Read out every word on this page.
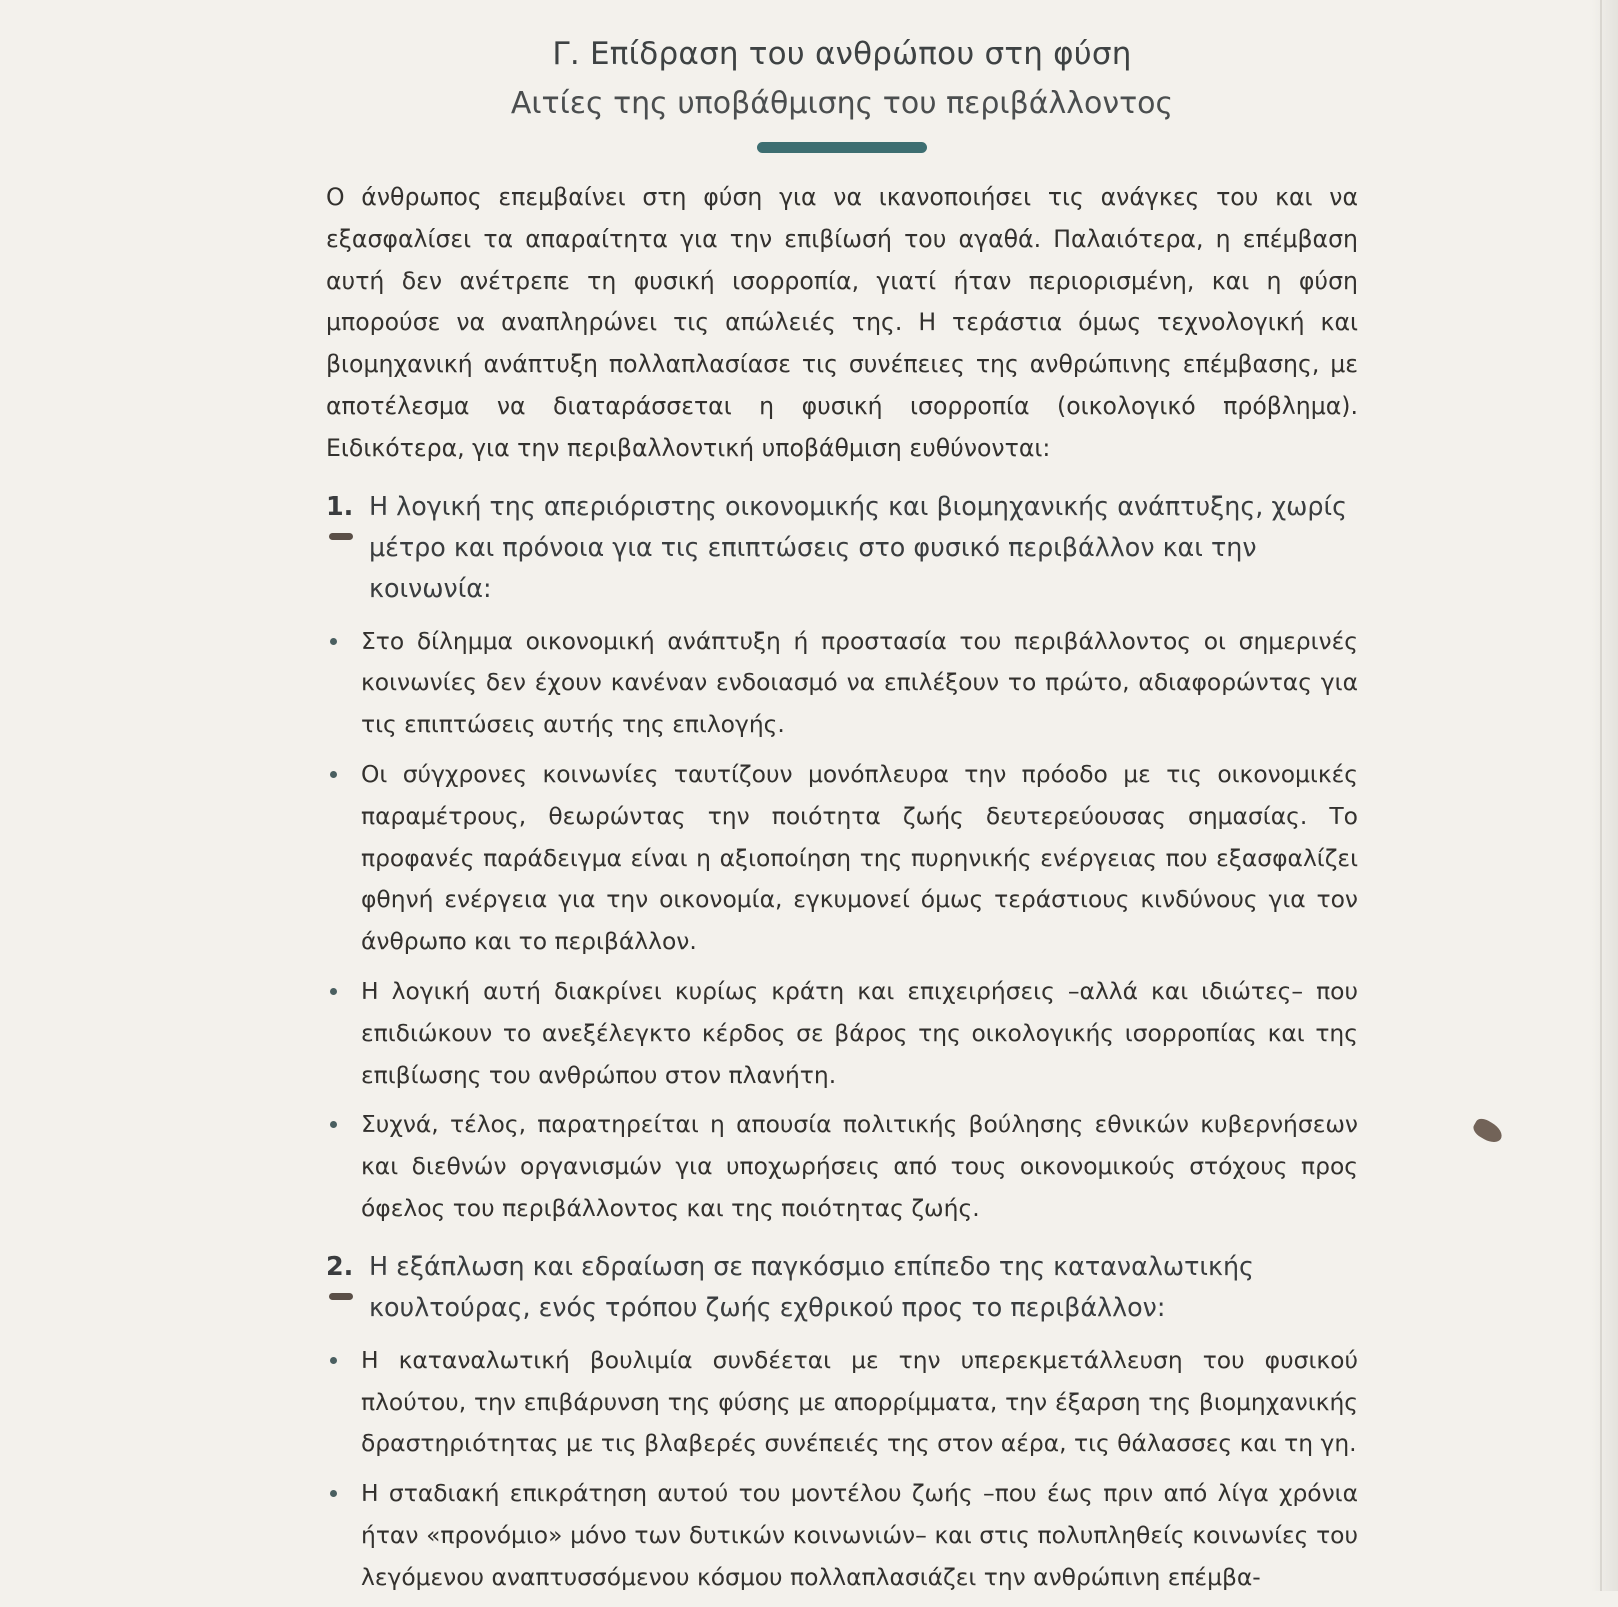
Γ. Επίδραση του ανθρώπου στη φύση
Αιτίες της υποβάθμισης του περιβάλλοντος

Ο άνθρωπος επεμβαίνει στη φύση για να ικανοποιήσει τις ανάγκες του και να εξασφαλίσει τα απαραίτητα για την επιβίωσή του αγαθά. Παλαιότερα, η επέμβαση αυτή δεν ανέτρεπε τη φυσική ισορροπία, γιατί ήταν περιορισμένη, και η φύση μπορούσε να αναπληρώνει τις απώλειές της. Η τεράστια όμως τεχνολογική και βιομηχανική ανάπτυξη πολλαπλασίασε τις συνέπειες της ανθρώπινης επέμβασης, με αποτέλεσμα να διαταράσσεται η φυσική ισορροπία (οικολογικό πρόβλημα). Ειδικότερα, για την περιβαλλοντική υποβάθμιση ευθύνονται:

1. Η λογική της απεριόριστης οικονομικής και βιομηχανικής ανάπτυξης, χωρίς μέτρο και πρόνοια για τις επιπτώσεις στο φυσικό περιβάλλον και την κοινωνία:
Στο δίλημμα οικονομική ανάπτυξη ή προστασία του περιβάλλοντος οι σημερινές κοινωνίες δεν έχουν κανέναν ενδοιασμό να επιλέξουν το πρώτο, αδιαφορώντας για τις επιπτώσεις αυτής της επιλογής.
Οι σύγχρονες κοινωνίες ταυτίζουν μονόπλευρα την πρόοδο με τις οικονομικές παραμέτρους, θεωρώντας την ποιότητα ζωής δευτερεύουσας σημασίας. Το προφανές παράδειγμα είναι η αξιοποίηση της πυρηνικής ενέργειας που εξασφαλίζει φθηνή ενέργεια για την οικονομία, εγκυμονεί όμως τεράστιους κινδύνους για τον άνθρωπο και το περιβάλλον.
Η λογική αυτή διακρίνει κυρίως κράτη και επιχειρήσεις –αλλά και ιδιώτες– που επιδιώκουν το ανεξέλεγκτο κέρδος σε βάρος της οικολογικής ισορροπίας και της επιβίωσης του ανθρώπου στον πλανήτη.
Συχνά, τέλος, παρατηρείται η απουσία πολιτικής βούλησης εθνικών κυβερνήσεων και διεθνών οργανισμών για υποχωρήσεις από τους οικονομικούς στόχους προς όφελος του περιβάλλοντος και της ποιότητας ζωής.
2. Η εξάπλωση και εδραίωση σε παγκόσμιο επίπεδο της καταναλωτικής κουλτούρας, ενός τρόπου ζωής εχθρικού προς το περιβάλλον:
Η καταναλωτική βουλιμία συνδέεται με την υπερεκμετάλλευση του φυσικού πλούτου, την επιβάρυνση της φύσης με απορρίμματα, την έξαρση της βιομηχανικής δραστηριότητας με τις βλαβερές συνέπειές της στον αέρα, τις θάλασσες και τη γη.
Η σταδιακή επικράτηση αυτού του μοντέλου ζωής –που έως πριν από λίγα χρόνια ήταν «προνόμιο» μόνο των δυτικών κοινωνιών– και στις πολυπληθείς κοινωνίες του λεγόμενου αναπτυσσόμενου κόσμου πολλαπλασιάζει την ανθρώπινη επέμβα-
